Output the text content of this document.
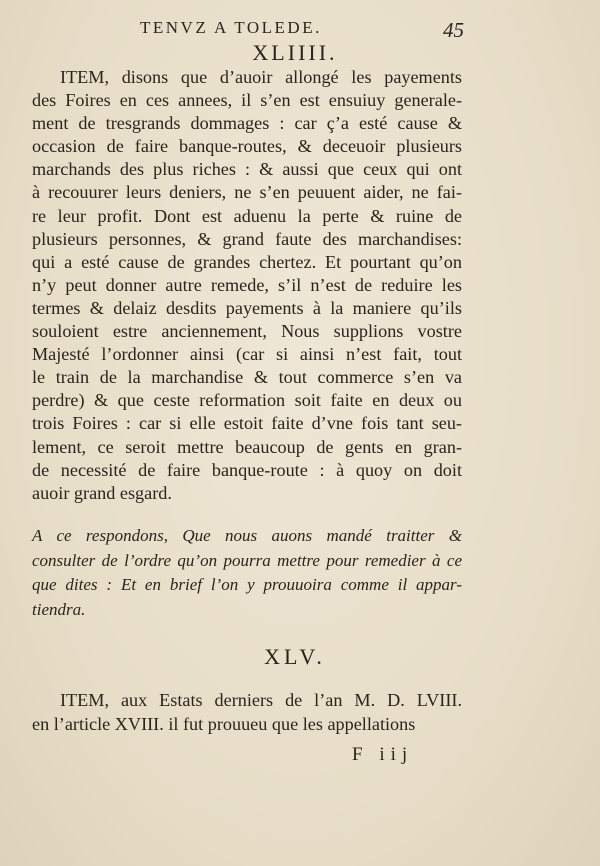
TENVZ A TOLEDE.	45
XLIIII.
ITEM, disons que d’auoir allongé les payements
des Foires en ces annees, il s’en est ensuiuy generale-
ment de tresgrands dommages : car ç’a esté cause &
occasion de faire banque-routes, & deceuoir plusieurs
marchands des plus riches : & aussi que ceux qui ont
à recouurer leurs deniers, ne s’en peuuent aider, ne fai-
re leur profit. Dont est aduenu la perte & ruine de
plusieurs personnes, & grand faute des marchandises:
qui a esté cause de grandes chertez. Et pourtant qu’on
n’y peut donner autre remede, s’il n’est de reduire les
termes & delaiz desdits payements à la maniere qu’ils
souloient estre anciennement, Nous supplions vostre
Majesté l’ordonner ainsi (car si ainsi n’est fait, tout
le train de la marchandise & tout commerce s’en va
perdre) & que ceste reformation soit faite en deux ou
trois Foires : car si elle estoit faite d’vne fois tant seu-
lement, ce seroit mettre beaucoup de gents en gran-
de necessité de faire banque-route : à quoy on doit
auoir grand esgard.
A ce respondons, Que nous auons mandé traitter &
consulter de l’ordre qu’on pourra mettre pour remedier à ce
que dites : Et en brief l’on y prouuoira comme il appar-
tiendra.
XLV.
ITEM, aux Estats derniers de l’an M. D. LVIII.
en l’article XVIII. il fut prouueu que les appellations
F iij
